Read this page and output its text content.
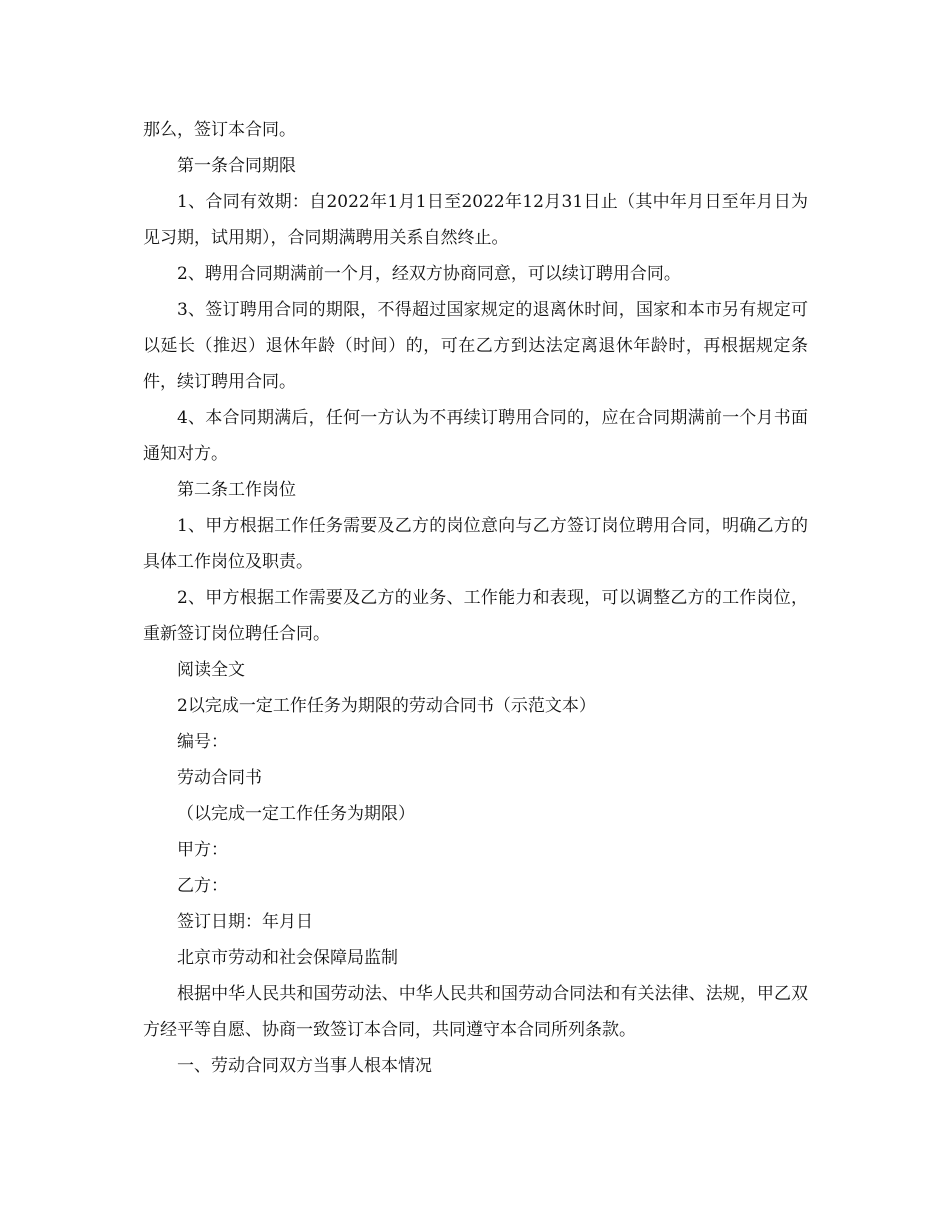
那么，签订本合同。

第一条合同期限

1、合同有效期：自2022年1月1日至2022年12月31日止（其中年月日至年月日为见习期，试用期），合同期满聘用关系自然终止。

2、聘用合同期满前一个月，经双方协商同意，可以续订聘用合同。

3、签订聘用合同的期限，不得超过国家规定的退离休时间，国家和本市另有规定可以延长（推迟）退休年龄（时间）的，可在乙方到达法定离退休年龄时，再根据规定条件，续订聘用合同。

4、本合同期满后，任何一方认为不再续订聘用合同的，应在合同期满前一个月书面通知对方。

第二条工作岗位

1、甲方根据工作任务需要及乙方的岗位意向与乙方签订岗位聘用合同，明确乙方的具体工作岗位及职责。

2、甲方根据工作需要及乙方的业务、工作能力和表现，可以调整乙方的工作岗位，重新签订岗位聘任合同。

阅读全文

2以完成一定工作任务为期限的劳动合同书（示范文本）

编号：

劳动合同书

（以完成一定工作任务为期限）

甲方：

乙方：

签订日期：年月日

北京市劳动和社会保障局监制

根据中华人民共和国劳动法、中华人民共和国劳动合同法和有关法律、法规，甲乙双方经平等自愿、协商一致签订本合同，共同遵守本合同所列条款。

一、劳动合同双方当事人根本情况
